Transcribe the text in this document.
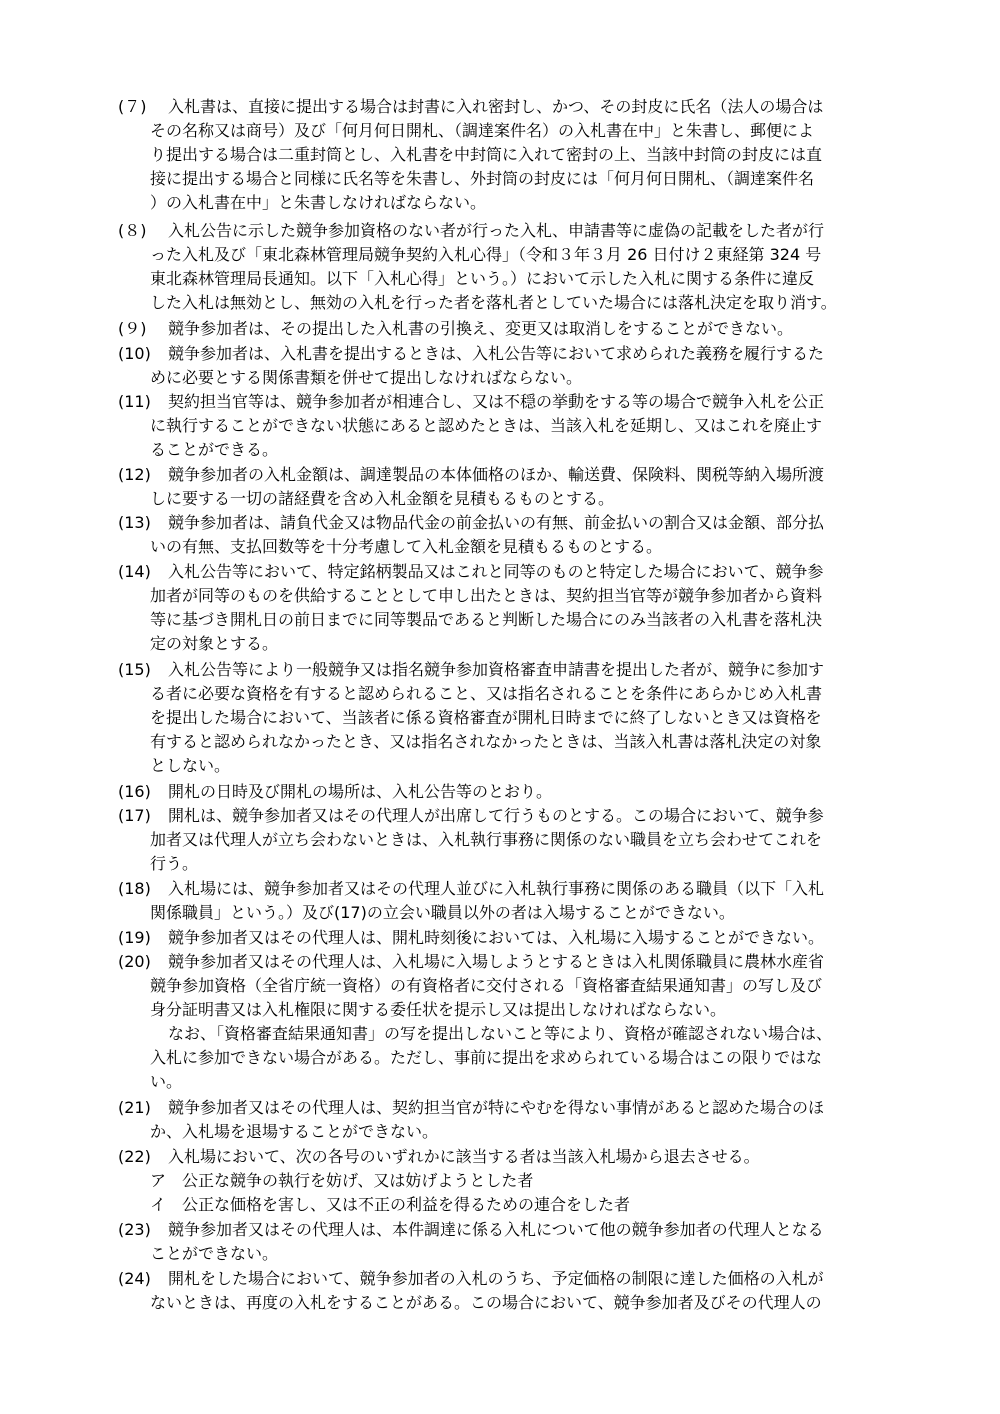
(７)	入札書は、直接に提出する場合は封書に入れ密封し、かつ、その封皮に氏名（法人の場合は
その名称又は商号）及び「何月何日開札、（調達案件名）の入札書在中」と朱書し、郵便によ
り提出する場合は二重封筒とし、入札書を中封筒に入れて密封の上、当該中封筒の封皮には直
接に提出する場合と同様に氏名等を朱書し、外封筒の封皮には「何月何日開札、（調達案件名
）の入札書在中」と朱書しなければならない。
(８)	入札公告に示した競争参加資格のない者が行った入札、申請書等に虚偽の記載をした者が行
った入札及び「東北森林管理局競争契約入札心得」（令和３年３月 26 日付け２東経第 324 号
東北森林管理局長通知。以下「入札心得」という。）において示した入札に関する条件に違反
した入札は無効とし、無効の入札を行った者を落札者としていた場合には落札決定を取り消す。
(９)	競争参加者は、その提出した入札書の引換え、変更又は取消しをすることができない。
(10)	競争参加者は、入札書を提出するときは、入札公告等において求められた義務を履行するた
めに必要とする関係書類を併せて提出しなければならない。
(11)	契約担当官等は、競争参加者が相連合し、又は不穏の挙動をする等の場合で競争入札を公正
に執行することができない状態にあると認めたときは、当該入札を延期し、又はこれを廃止す
ることができる。
(12)	競争参加者の入札金額は、調達製品の本体価格のほか、輸送費、保険料、関税等納入場所渡
しに要する一切の諸経費を含め入札金額を見積もるものとする。
(13)	競争参加者は、請負代金又は物品代金の前金払いの有無、前金払いの割合又は金額、部分払
いの有無、支払回数等を十分考慮して入札金額を見積もるものとする。
(14)	入札公告等において、特定銘柄製品又はこれと同等のものと特定した場合において、競争参
加者が同等のものを供給することとして申し出たときは、契約担当官等が競争参加者から資料
等に基づき開札日の前日までに同等製品であると判断した場合にのみ当該者の入札書を落札決
定の対象とする。
(15)	入札公告等により一般競争又は指名競争参加資格審査申請書を提出した者が、競争に参加す
る者に必要な資格を有すると認められること、又は指名されることを条件にあらかじめ入札書
を提出した場合において、当該者に係る資格審査が開札日時までに終了しないとき又は資格を
有すると認められなかったとき、又は指名されなかったときは、当該入札書は落札決定の対象
としない。
(16)	開札の日時及び開札の場所は、入札公告等のとおり。
(17)	開札は、競争参加者又はその代理人が出席して行うものとする。この場合において、競争参
加者又は代理人が立ち会わないときは、入札執行事務に関係のない職員を立ち会わせてこれを
行う。
(18)	入札場には、競争参加者又はその代理人並びに入札執行事務に関係のある職員（以下「入札
関係職員」という。）及び(17)の立会い職員以外の者は入場することができない。
(19)	競争参加者又はその代理人は、開札時刻後においては、入札場に入場することができない。
(20)	競争参加者又はその代理人は、入札場に入場しようとするときは入札関係職員に農林水産省
競争参加資格（全省庁統一資格）の有資格者に交付される「資格審査結果通知書」の写し及び
身分証明書又は入札権限に関する委任状を提示し又は提出しなければならない。
なお、「資格審査結果通知書」の写を提出しないこと等により、資格が確認されない場合は、
入札に参加できない場合がある。ただし、事前に提出を求められている場合はこの限りではな
い。
(21)	競争参加者又はその代理人は、契約担当官が特にやむを得ない事情があると認めた場合のほ
か、入札場を退場することができない。
(22)	入札場において、次の各号のいずれかに該当する者は当該入札場から退去させる。
ア　公正な競争の執行を妨げ、又は妨げようとした者
イ　公正な価格を害し、又は不正の利益を得るための連合をした者
(23)	競争参加者又はその代理人は、本件調達に係る入札について他の競争参加者の代理人となる
ことができない。
(24)	開札をした場合において、競争参加者の入札のうち、予定価格の制限に達した価格の入札が
ないときは、再度の入札をすることがある。この場合において、競争参加者及びその代理人の
